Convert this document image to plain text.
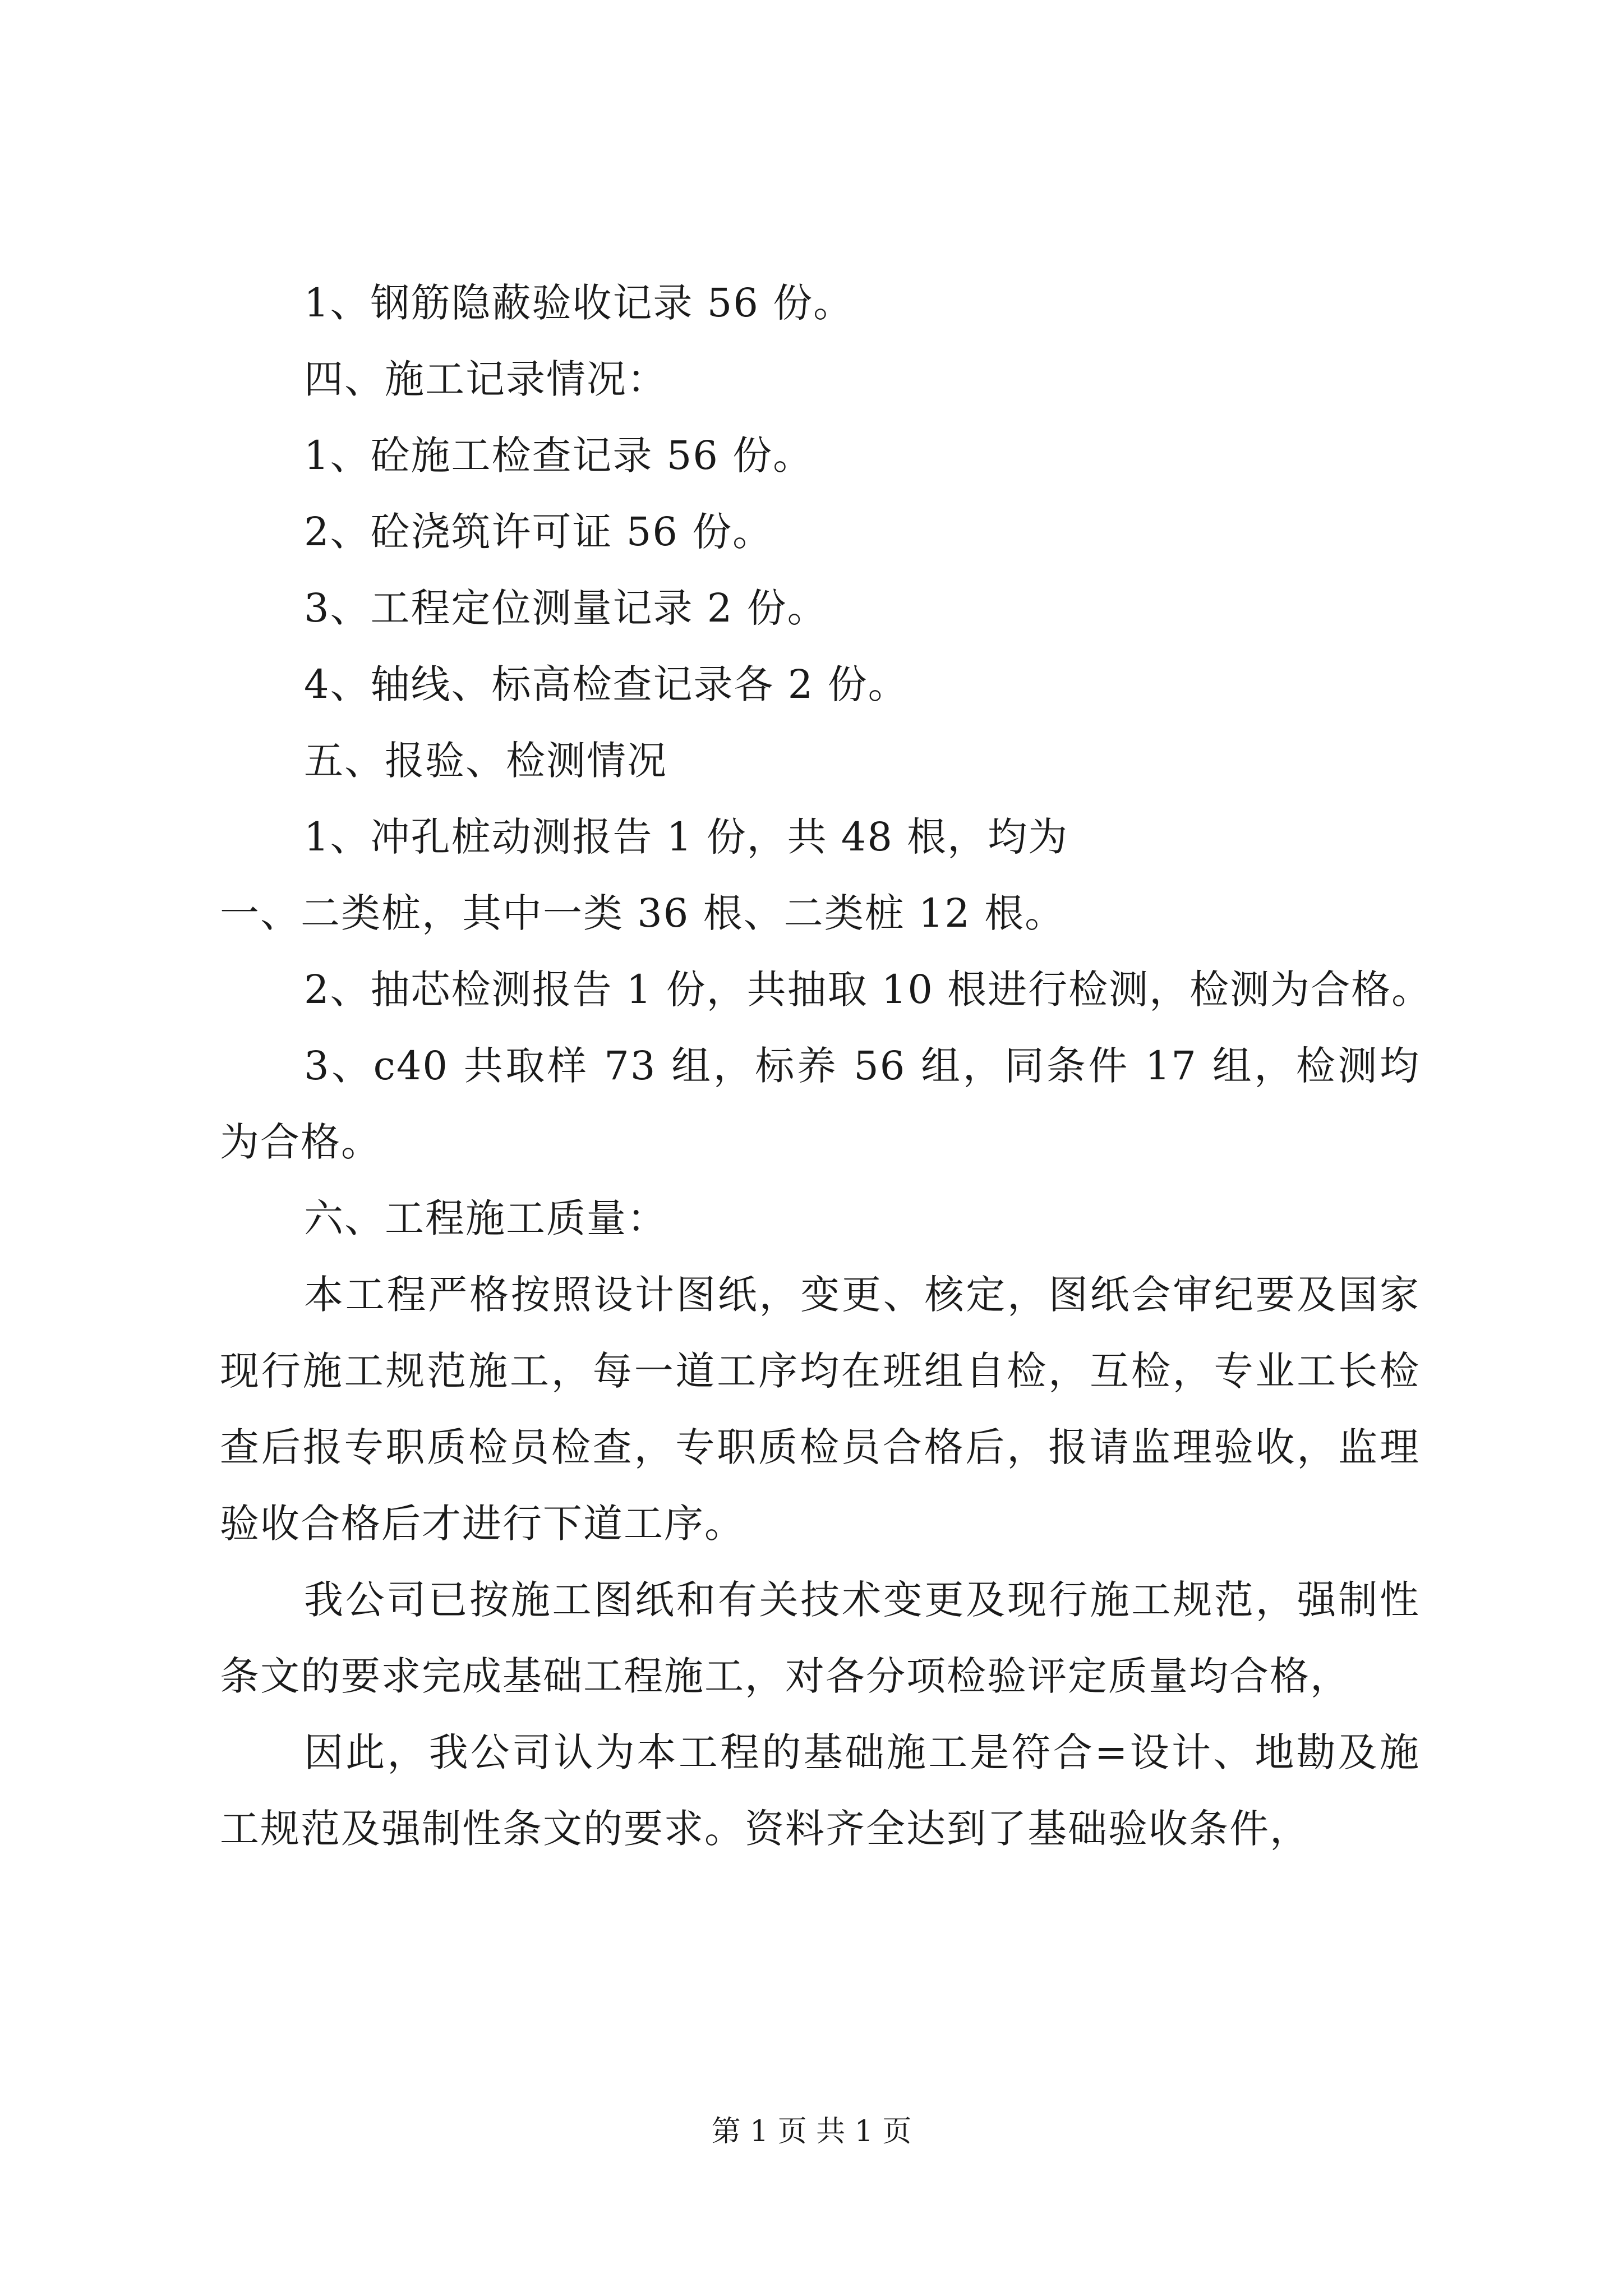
1、钢筋隐蔽验收记录 56 份。

四、施工记录情况：

1、砼施工检查记录 56 份。

2、砼浇筑许可证 56 份。

3、工程定位测量记录 2 份。

4、轴线、标高检查记录各 2 份。

五、报验、检测情况

1、冲孔桩动测报告 1 份，共 48 根，均为

一、二类桩，其中一类 36 根、二类桩 12 根。

2、抽芯检测报告 1 份，共抽取 10 根进行检测，检测为合格。

3、c40 共取样 73 组，标养 56 组，同条件 17 组，检测均为合格。

六、工程施工质量：

本工程严格按照设计图纸，变更、核定，图纸会审纪要及国家现行施工规范施工，每一道工序均在班组自检，互检，专业工长检查后报专职质检员检查，专职质检员合格后，报请监理验收，监理验收合格后才进行下道工序。

我公司已按施工图纸和有关技术变更及现行施工规范，强制性条文的要求完成基础工程施工，对各分项检验评定质量均合格，

因此，我公司认为本工程的基础施工是符合=设计、地勘及施工规范及强制性条文的要求。资料齐全达到了基础验收条件，

第 1 页 共 1 页
